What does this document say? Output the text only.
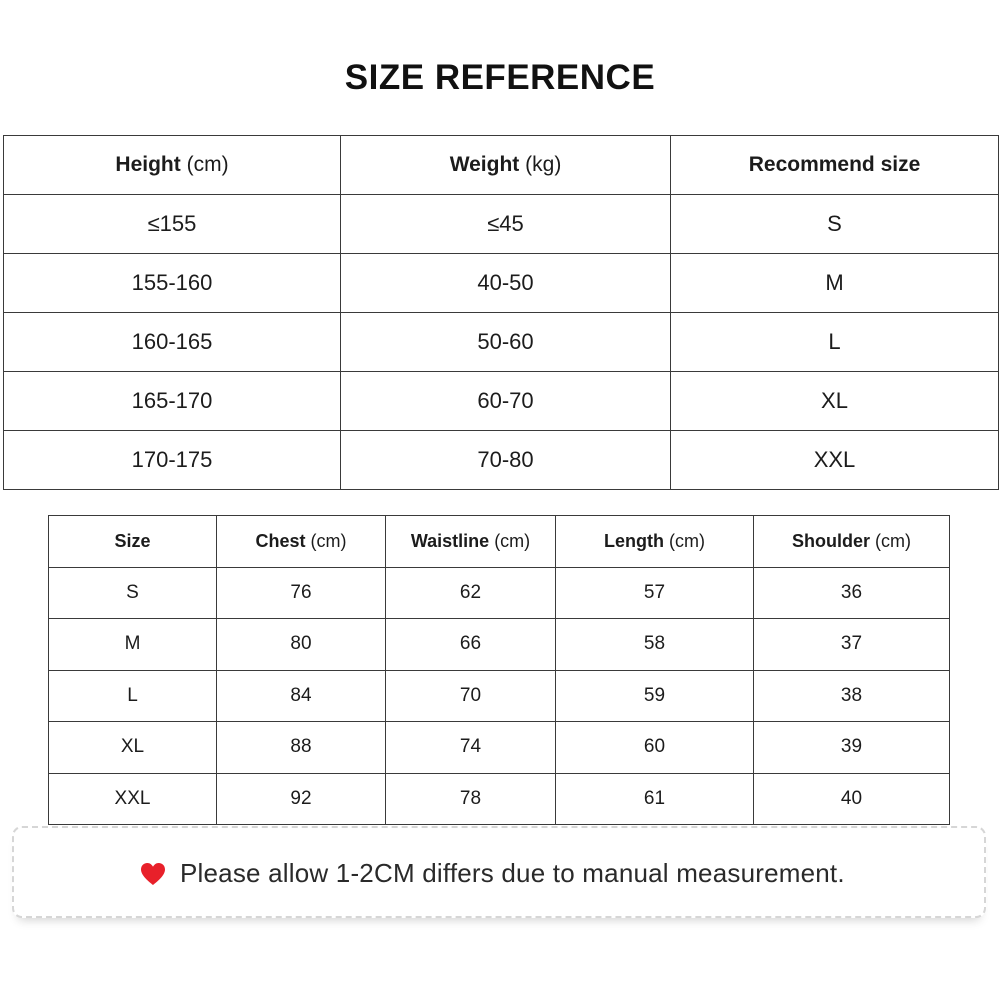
SIZE REFERENCE
Height (cm)	Weight (kg)	Recommend size
≤155	≤45	S
155-160	40-50	M
160-165	50-60	L
165-170	60-70	XL
170-175	70-80	XXL
Size	Chest (cm)	Waistline (cm)	Length (cm)	Shoulder (cm)
S	76	62	57	36
M	80	66	58	37
L	84	70	59	38
XL	88	74	60	39
XXL	92	78	61	40
Please allow 1-2CM differs due to manual measurement.
